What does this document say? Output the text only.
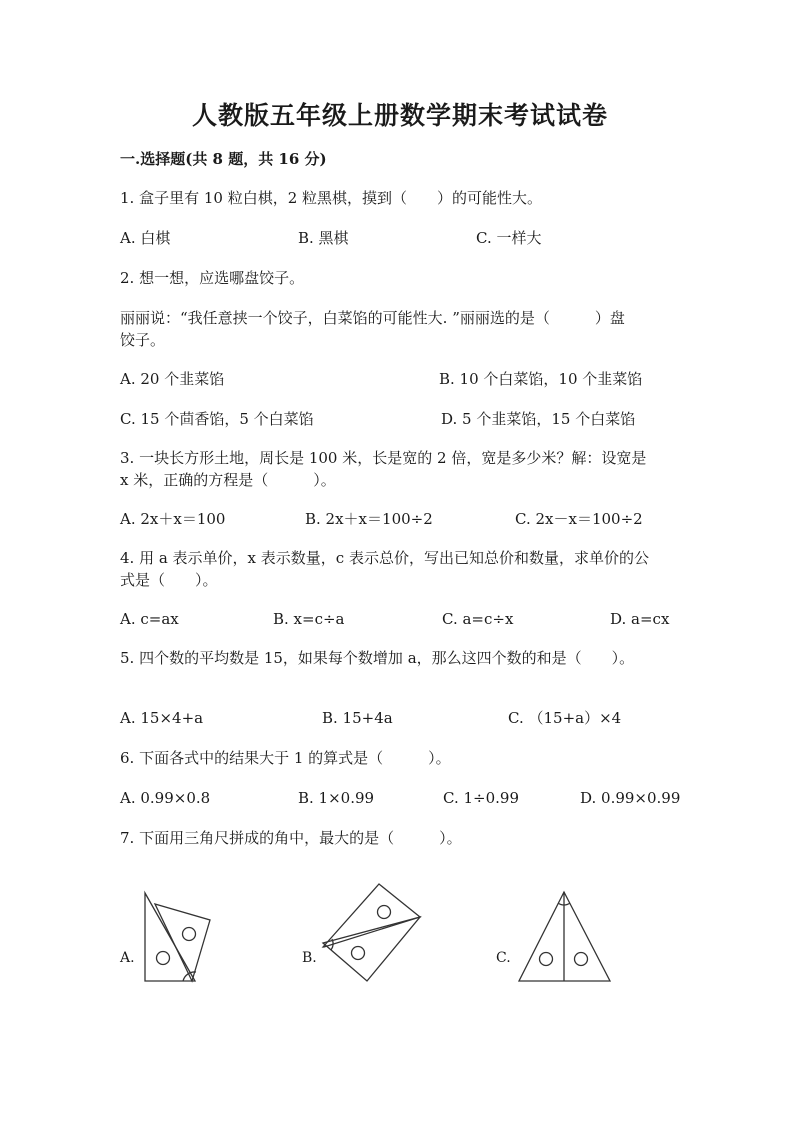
人教版五年级上册数学期末考试试卷
一.选择题(共 8 题，共 16 分)
1. 盒子里有 10 粒白棋，2 粒黑棋，摸到（　　）的可能性大。
A. 白棋	B. 黑棋	C. 一样大
2. 想一想，应选哪盘饺子。
丽丽说：“我任意挟一个饺子，白菜馅的可能性大. ”丽丽选的是（　　　）盘
饺子。
A. 20 个韭菜馅	B. 10 个白菜馅，10 个韭菜馅
C. 15 个茴香馅，5 个白菜馅	D. 5 个韭菜馅，15 个白菜馅
3. 一块长方形土地，周长是 100 米，长是宽的 2 倍，宽是多少米？解：设宽是
x 米，正确的方程是（　　　）。
A. 2x＋x＝100	B. 2x＋x＝100÷2	C. 2x－x＝100÷2
4. 用 a 表示单价，x 表示数量，c 表示总价，写出已知总价和数量，求单价的公
式是（　　）。
A. c=ax	B. x=c÷a	C. a=c÷x	D. a=cx
5. 四个数的平均数是 15，如果每个数增加 a，那么这四个数的和是（　　）。
A. 15×4+a	B. 15+4a	C. （15+a）×4
6. 下面各式中的结果大于 1 的算式是（　　　）。
A. 0.99×0.8	B. 1×0.99	C. 1÷0.99	D. 0.99×0.99
7. 下面用三角尺拼成的角中，最大的是（　　　）。
A.	B.	C.
